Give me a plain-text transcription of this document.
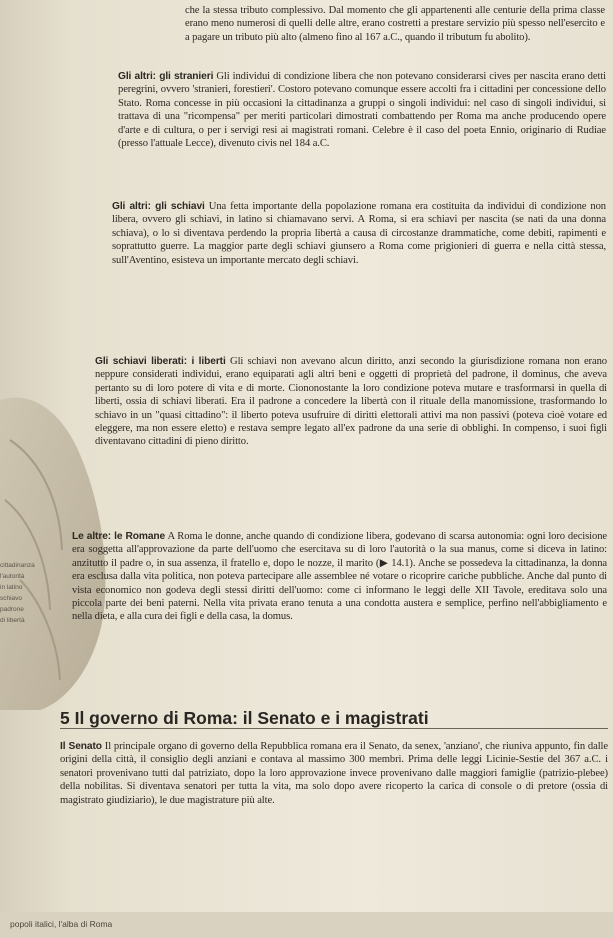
che la stessa tributo complessivo. Dal momento che gli appartenenti alle centurie della prima classe erano meno numerosi di quelli delle altre, erano costretti a prestare servizio più spesso nell'esercito e a pagare un tributo più alto (almeno fino al 167 a.C., quando il tributum fu abolito).

Gli altri: gli stranieri Gli individui di condizione libera che non potevano considerarsi cives per nascita erano detti peregrini, ovvero 'stranieri, forestieri'. Costoro potevano comunque essere accolti fra i cittadini per concessione dello Stato. Roma concesse in più occasioni la cittadinanza a gruppi o singoli individui: nel caso di singoli individui, si trattava di una "ricompensa" per meriti particolari dimostrati combattendo per Roma ma anche producendo opere d'arte e di cultura, o per i servigi resi ai magistrati romani. Celebre è il caso del poeta Ennio, originario di Rudiae (presso l'attuale Lecce), divenuto civis nel 184 a.C.

Gli altri: gli schiavi Una fetta importante della popolazione romana era costituita da individui di condizione non libera, ovvero gli schiavi, in latino si chiamavano servi. A Roma, si era schiavi per nascita (se nati da una donna schiava), o lo si diventava perdendo la propria libertà a causa di circostanze drammatiche, come debiti, rapimenti e soprattutto guerre. La maggior parte degli schiavi giunsero a Roma come prigionieri di guerra e nella città stessa, sull'Aventino, esisteva un importante mercato degli schiavi.

Gli schiavi liberati: i liberti Gli schiavi non avevano alcun diritto, anzi secondo la giurisdizione romana non erano neppure considerati individui, erano equiparati agli altri beni e oggetti di proprietà del padrone, il dominus, che aveva pertanto su di loro potere di vita e di morte. Ciononostante la loro condizione poteva mutare e trasformarsi in quella di liberti, ossia di schiavi liberati. Era il padrone a concedere la libertà con il rituale della manomissione, trasformando lo schiavo in un "quasi cittadino": il liberto poteva usufruire di diritti elettorali attivi ma non passivi (poteva cioè votare ed eleggere, ma non essere eletto) e restava sempre legato all'ex padrone da una serie di obblighi. In compenso, i suoi figli diventavano cittadini di pieno diritto.

Le altre: le Romane A Roma le donne, anche quando di condizione libera, godevano di scarsa autonomia: ogni loro decisione era soggetta all'approvazione da parte dell'uomo che esercitava su di loro l'autorità o la sua manus, come si diceva in latino: anzitutto il padre o, in sua assenza, il fratello e, dopo le nozze, il marito (▶ 14.1). Anche se possedeva la cittadinanza, la donna era esclusa dalla vita politica, non poteva partecipare alle assemblee né votare o ricoprire cariche pubbliche. Anche dal punto di vista economico non godeva degli stessi diritti dell'uomo: come ci informano le leggi delle XII Tavole, ereditava solo una piccola parte dei beni paterni. Nella vita privata erano tenuta a una condotta austera e semplice, perfino nell'abbigliamento e nella dieta, e alla cura dei figli e della casa, la domus.

cittadinanza
l'autorità
in latino
schiavo
padrone
di libertà
5 Il governo di Roma: il Senato e i magistrati

Il Senato Il principale organo di governo della Repubblica romana era il Senato, da senex, 'anziano', che riuniva appunto, fin dalle origini della città, il consiglio degli anziani e contava al massimo 300 membri. Prima delle leggi Licinie-Sestie del 367 a.C. i senatori provenivano tutti dal patriziato, dopo la loro approvazione invece provenivano dalle maggiori famiglie (patrizio-plebee) della nobilitas. Si diventava senatori per tutta la vita, ma solo dopo avere ricoperto la carica di console o di pretore (ossia di magistrato giudiziario), le due magistrature più alte.

popoli italici, l'alba di Roma
